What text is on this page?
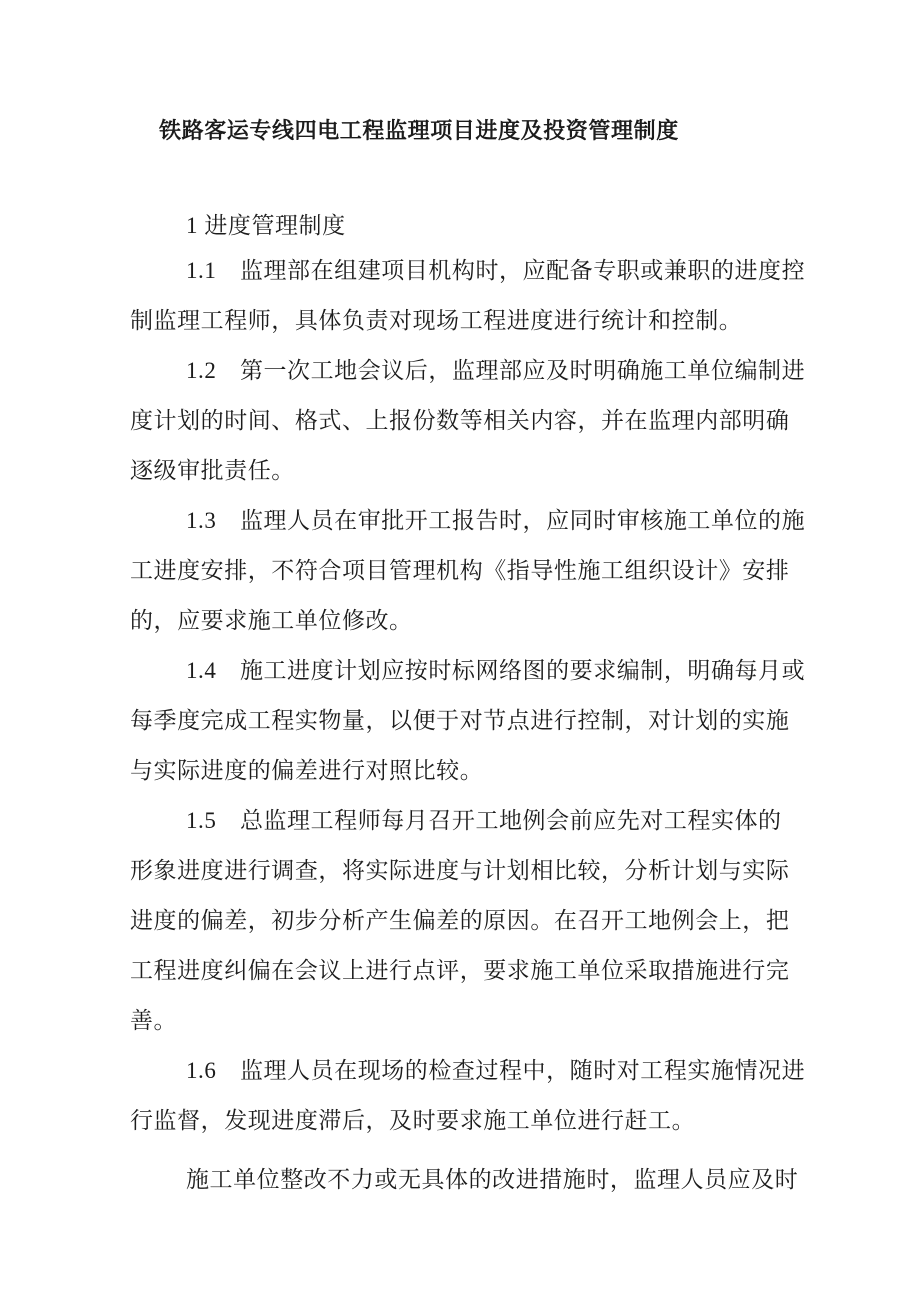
铁路客运专线四电工程监理项目进度及投资管理制度
1 进度管理制度
1.1　监理部在组建项目机构时，应配备专职或兼职的进度控
制监理工程师，具体负责对现场工程进度进行统计和控制。
1.2　第一次工地会议后，监理部应及时明确施工单位编制进
度计划的时间、格式、上报份数等相关内容，并在监理内部明确
逐级审批责任。
1.3　监理人员在审批开工报告时，应同时审核施工单位的施
工进度安排，不符合项目管理机构《指导性施工组织设计》安排
的，应要求施工单位修改。
1.4　施工进度计划应按时标网络图的要求编制，明确每月或
每季度完成工程实物量，以便于对节点进行控制，对计划的实施
与实际进度的偏差进行对照比较。
1.5　总监理工程师每月召开工地例会前应先对工程实体的
形象进度进行调查，将实际进度与计划相比较，分析计划与实际
进度的偏差，初步分析产生偏差的原因。在召开工地例会上，把
工程进度纠偏在会议上进行点评，要求施工单位采取措施进行完
善。
1.6　监理人员在现场的检查过程中，随时对工程实施情况进
行监督，发现进度滞后，及时要求施工单位进行赶工。
施工单位整改不力或无具体的改进措施时，监理人员应及时
